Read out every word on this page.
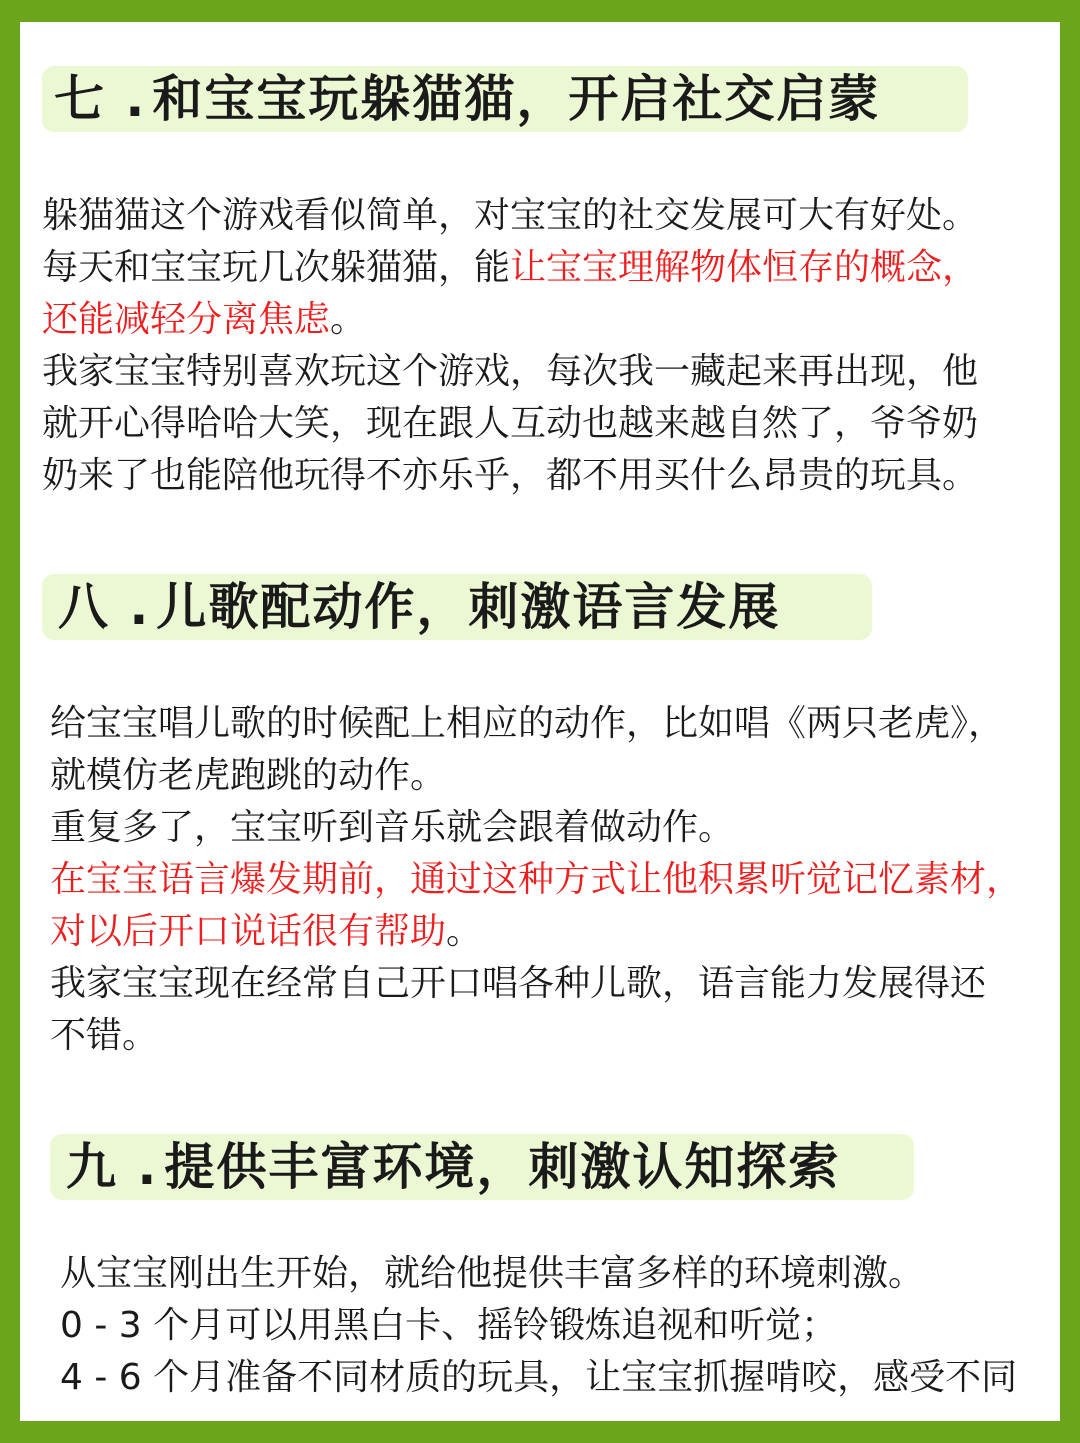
七 . 和宝宝玩躲猫猫，开启社交启蒙
躲猫猫这个游戏看似简单，对宝宝的社交发展可大有好处。
每天和宝宝玩几次躲猫猫，能让宝宝理解物体恒存的概念，
还能减轻分离焦虑。
我家宝宝特别喜欢玩这个游戏，每次我一藏起来再出现，他
就开心得哈哈大笑，现在跟人互动也越来越自然了，爷爷奶
奶来了也能陪他玩得不亦乐乎，都不用买什么昂贵的玩具。
八 . 儿歌配动作，刺激语言发展
给宝宝唱儿歌的时候配上相应的动作，比如唱《两只老虎》，
就模仿老虎跑跳的动作。
重复多了，宝宝听到音乐就会跟着做动作。
在宝宝语言爆发期前，通过这种方式让他积累听觉记忆素材，
对以后开口说话很有帮助。
我家宝宝现在经常自己开口唱各种儿歌，语言能力发展得还
不错。
九 . 提供丰富环境，刺激认知探索
从宝宝刚出生开始，就给他提供丰富多样的环境刺激。
0 - 3 个月可以用黑白卡、摇铃锻炼追视和听觉；
4 - 6 个月准备不同材质的玩具，让宝宝抓握啃咬，感受不同
